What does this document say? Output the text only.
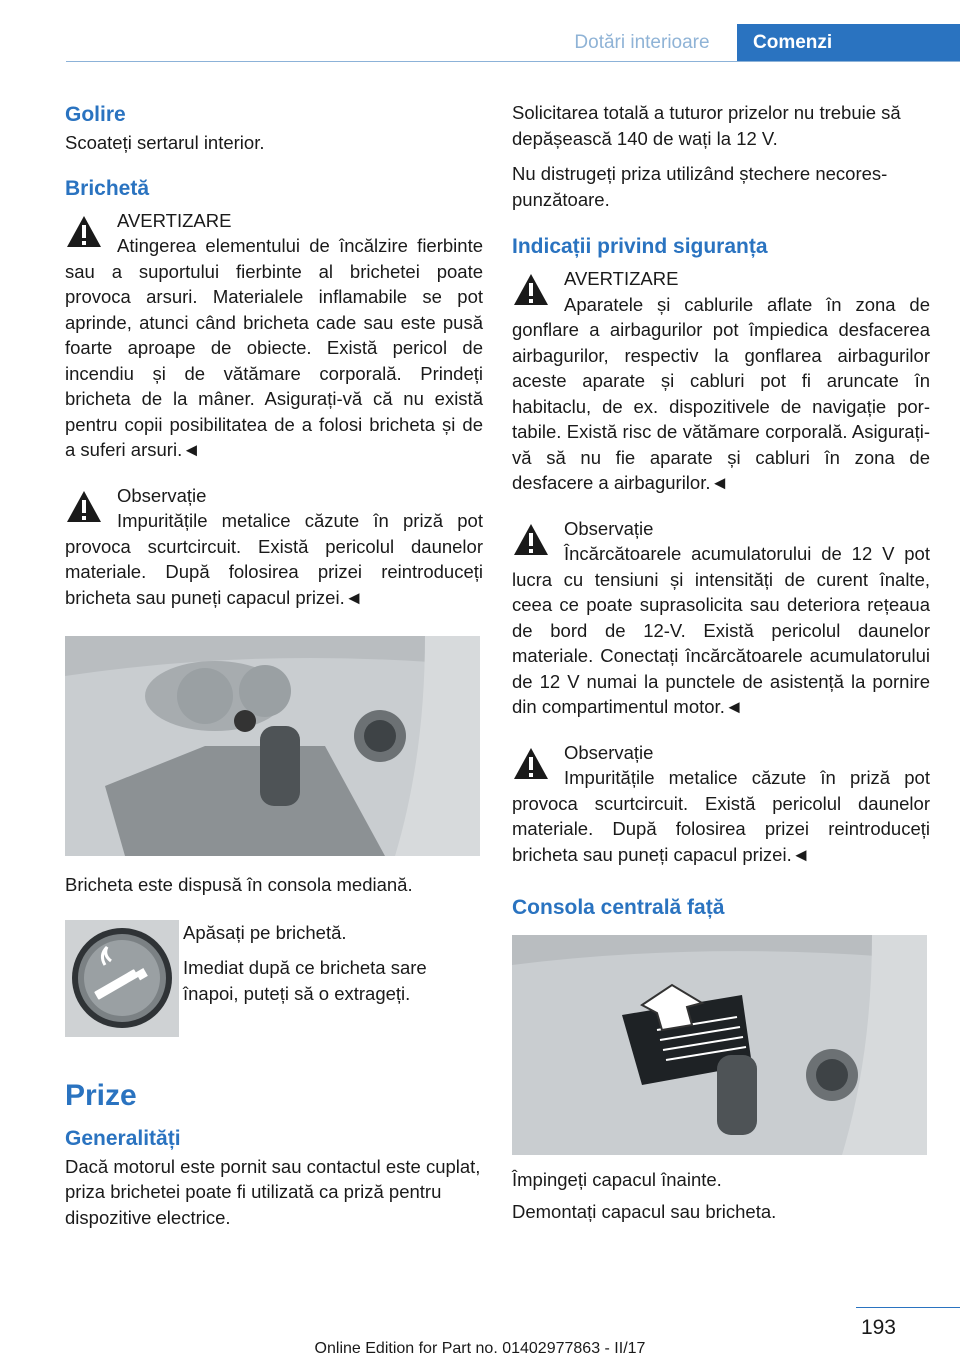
Dotări interioare	Comenzi

Golire

Scoateți sertarul interior.

Brichetă

AVERTIZARE

Atingerea elementului de încălzire fierbinte sau a suportului fierbinte al brichetei poate provoca arsuri. Materialele inflamabile se pot aprinde, atunci când bricheta cade sau este pusă foarte aproape de obiecte. Există pericol de incendiu și de vătămare corporală. Prindeți bricheta de la mâner. Asigurați-vă că nu există pentru copii posibilitatea de a folosi bricheta și de a suferi arsuri.◄

Observație

Impuritățile metalice căzute în priză pot provoca scurtcircuit. Există pericolul daunelor materiale. După folosirea prizei reintroduceți bricheta sau puneți capacul prizei.◄

Bricheta este dispusă în consola mediană.

Apăsați pe brichetă.

Imediat după ce bricheta sare înapoi, puteți să o extrageți.

Prize

Generalități

Dacă motorul este pornit sau contactul este cuplat, priza brichetei poate fi utilizată ca priză pentru dispozitive electrice.

Solicitarea totală a tuturor prizelor nu trebuie să depășească 140 de wați la 12 V.

Nu distrugeți priza utilizând ștechere necorespunzătoare.

Indicații privind siguranța

AVERTIZARE

Aparatele și cablurile aflate în zona de gonflare a airbagurilor pot împiedica desfacerea airbagurilor, respectiv la gonflarea airbagurilor aceste aparate și cabluri pot fi aruncate în habitaclu, de ex. dispozitivele de navigație portabile. Există risc de vătămare corporală. Asigurați-vă să nu fie aparate și cabluri în zona de desfacere a airbagurilor.◄

Observație

Încărcătoarele acumulatorului de 12 V pot lucra cu tensiuni și intensități de curent înalte, ceea ce poate suprasolicita sau deteriora rețeaua de bord de 12-V. Există pericolul daunelor materiale. Conectați încărcătoarele acumulatorului de 12 V numai la punctele de asistență la pornire din compartimentul motor.◄

Observație

Impuritățile metalice căzute în priză pot provoca scurtcircuit. Există pericolul daunelor materiale. După folosirea prizei reintroduceți bricheta sau puneți capacul prizei.◄

Consola centrală față

Împingeți capacul înainte.

Demontați capacul sau bricheta.

193
Online Edition for Part no. 01402977863 - II/17
